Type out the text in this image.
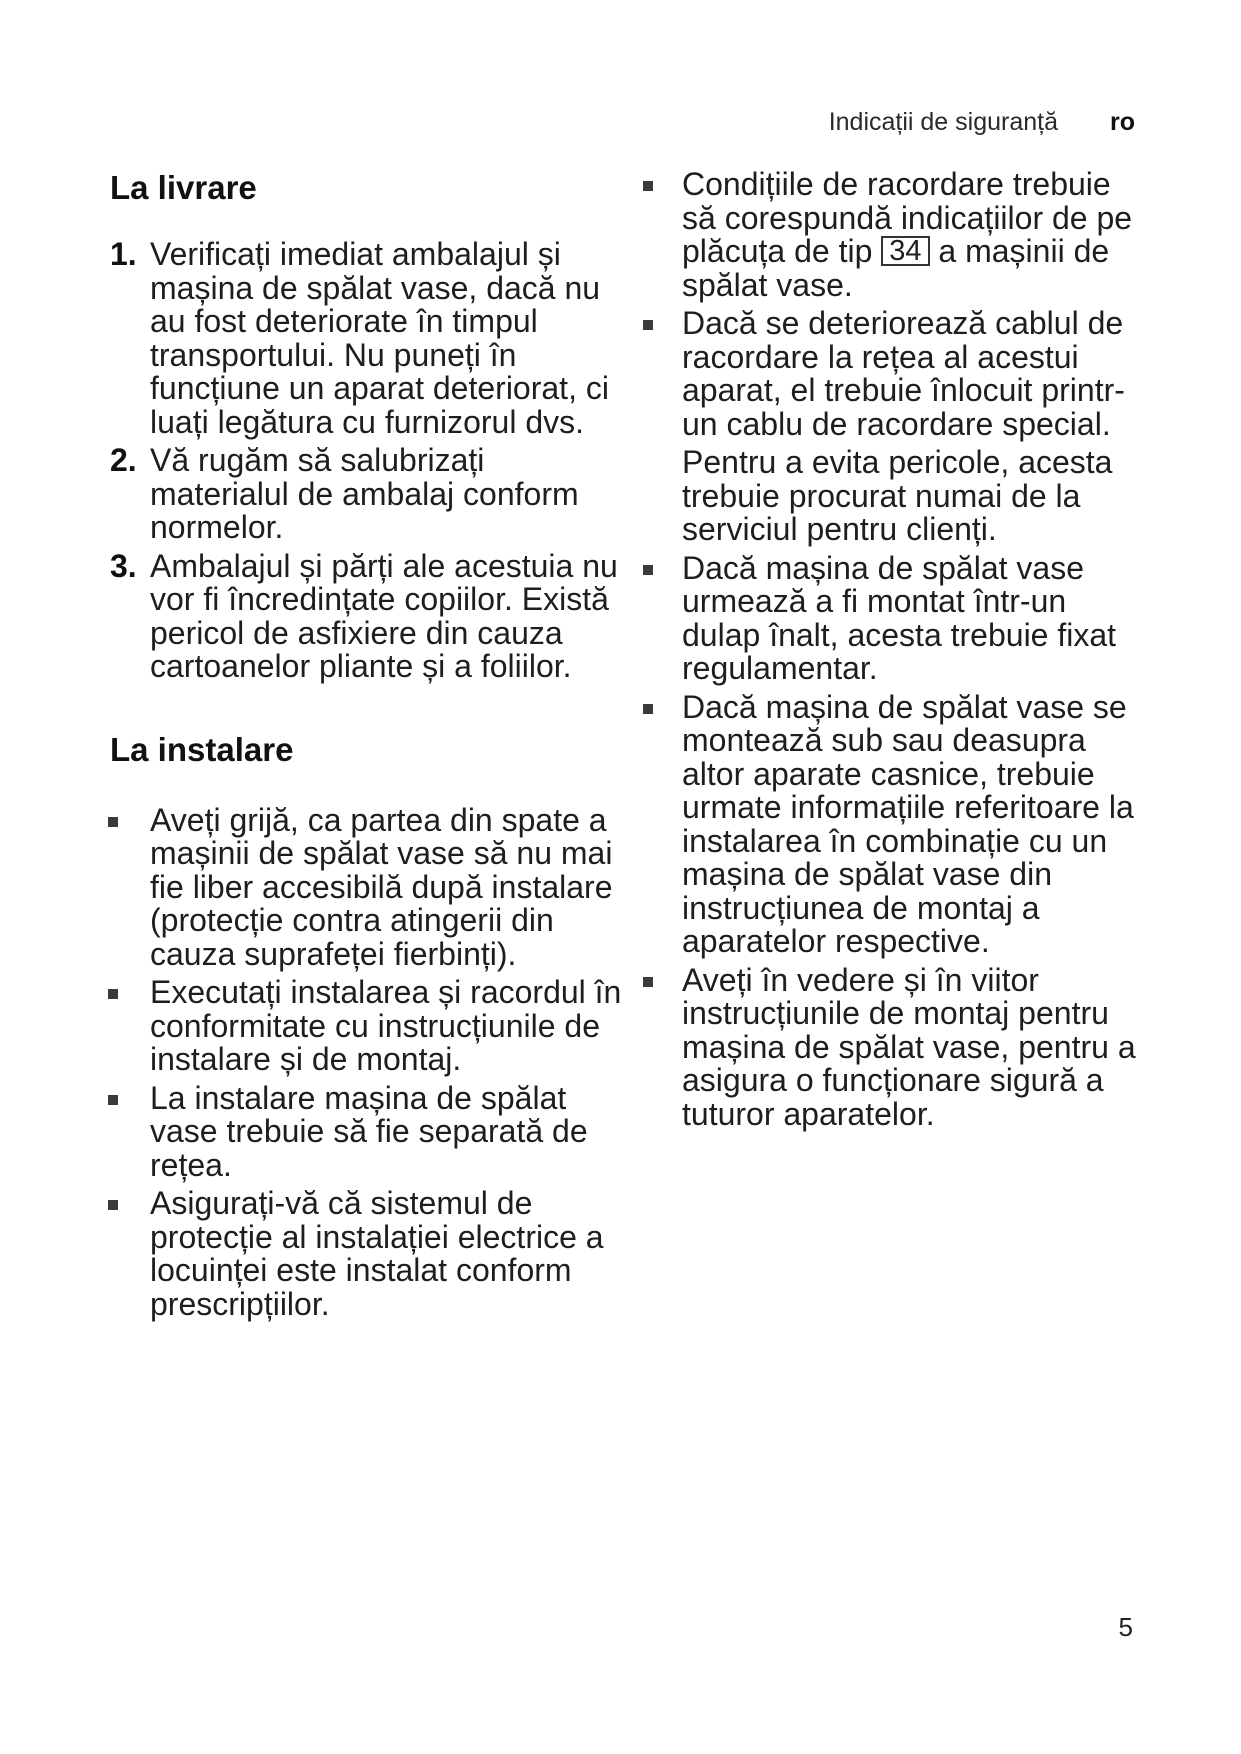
Indicații de siguranță ro
La livrare
1. Verificați imediat ambalajul și mașina de spălat vase, dacă nu au fost deteriorate în timpul transportului. Nu puneți în funcțiune un aparat deteriorat, ci luați legătura cu furnizorul dvs.
2. Vă rugăm să salubrizați materialul de ambalaj conform normelor.
3. Ambalajul și părți ale acestuia nu vor fi încredințate copiilor. Există pericol de asfixiere din cauza cartoanelor pliante și a foliilor.
La instalare
Aveți grijă, ca partea din spate a mașinii de spălat vase să nu mai fie liber accesibilă după instalare (protecție contra atingerii din cauza suprafeței fierbinți).
Executați instalarea și racordul în conformitate cu instrucțiunile de instalare și de montaj.
La instalare mașina de spălat vase trebuie să fie separată de rețea.
Asigurați-vă că sistemul de protecție al instalației electrice a locuinței este instalat conform prescripțiilor.
Condițiile de racordare trebuie să corespundă indicațiilor de pe plăcuța de tip 34 a mașinii de spălat vase.
Dacă se deteriorează cablul de racordare la rețea al acestui aparat, el trebuie înlocuit printr-un cablu de racordare special.
Pentru a evita pericole, acesta trebuie procurat numai de la serviciul pentru clienți.
Dacă mașina de spălat vase urmează a fi montat într-un dulap înalt, acesta trebuie fixat regulamentar.
Dacă mașina de spălat vase se montează sub sau deasupra altor aparate casnice, trebuie urmate informațiile referitoare la instalarea în combinație cu un mașina de spălat vase din instrucțiunea de montaj a aparatelor respective.
Aveți în vedere și în viitor instrucțiunile de montaj pentru mașina de spălat vase, pentru a asigura o funcționare sigură a tuturor aparatelor.
5
